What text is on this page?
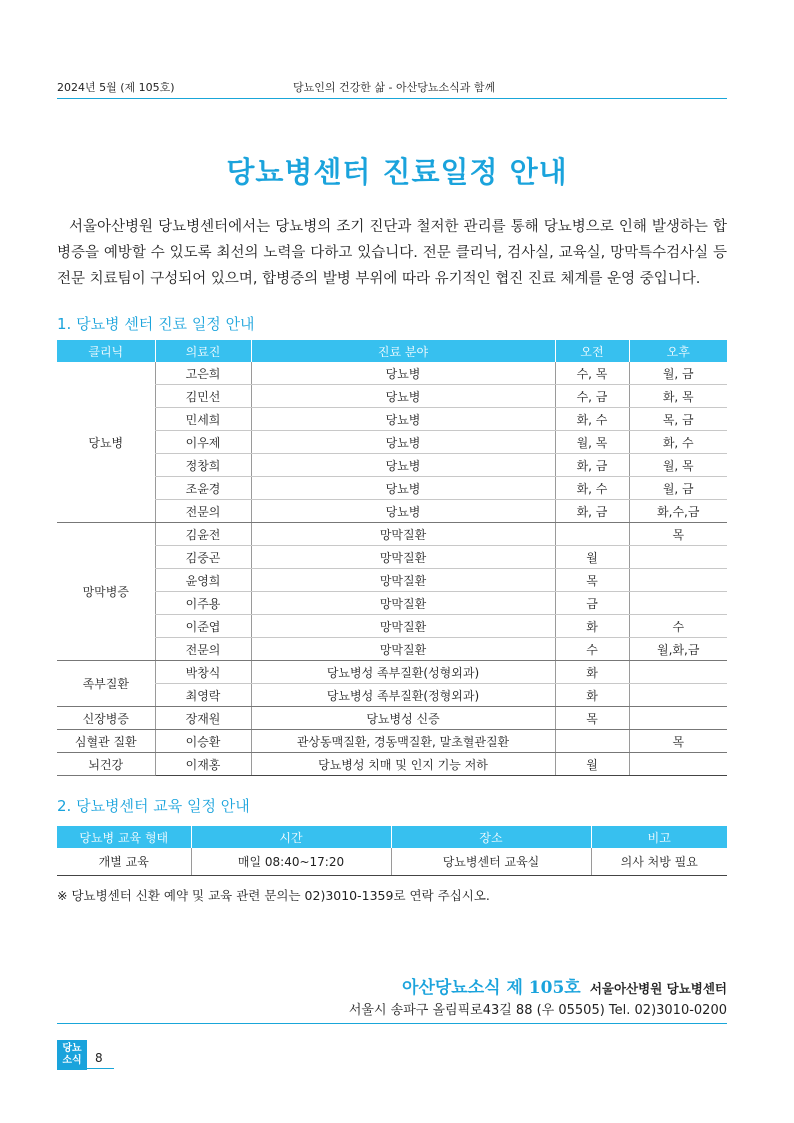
2024년 5월 (제 105호)	당뇨인의 건강한 삶 - 아산당뇨소식과 함께
당뇨병센터 진료일정 안내

서울아산병원 당뇨병센터에서는 당뇨병의 조기 진단과 철저한 관리를 통해 당뇨병으로 인해 발생하는 합병증을 예방할 수 있도록 최선의 노력을 다하고 있습니다. 전문 클리닉, 검사실, 교육실, 망막특수검사실 등 전문 치료팀이 구성되어 있으며, 합병증의 발병 부위에 따라 유기적인 협진 진료 체계를 운영 중입니다.

1. 당뇨병 센터 진료 일정 안내
클리닉	의료진	진료 분야	오전	오후
당뇨병	고은희	당뇨병	수, 목	월, 금
	김민선	당뇨병	수, 금	화, 목
	민세희	당뇨병	화, 수	목, 금
	이우제	당뇨병	월, 목	화, 수
	정창희	당뇨병	화, 금	월, 목
	조윤경	당뇨병	화, 수	월, 금
	전문의	당뇨병	화, 금	화,수,금
망막병증	김윤전	망막질환		목
	김중곤	망막질환	월	
	윤영희	망막질환	목	
	이주용	망막질환	금	
	이준엽	망막질환	화	수
	전문의	망막질환	수	월,화,금
족부질환	박창식	당뇨병성 족부질환(성형외과)	화	
	최영락	당뇨병성 족부질환(정형외과)	화	
신장병증	장재원	당뇨병성 신증	목	
심혈관 질환	이승환	관상동맥질환, 경동맥질환, 말초혈관질환		목
뇌건강	이재홍	당뇨병성 치매 및 인지 기능 저하	월	
2. 당뇨병센터 교육 일정 안내
당뇨병 교육 형태	시간	장소	비고
개별 교육	매일 08:40~17:20	당뇨병센터 교육실	의사 처방 필요
※ 당뇨병센터 신환 예약 및 교육 관련 문의는 02)3010-1359로 연락 주십시오.
아산당뇨소식 제 105호 서울아산병원 당뇨병센터
서울시 송파구 올림픽로43길 88 (우 05505) Tel. 02)3010-0200
당뇨
소식	8
